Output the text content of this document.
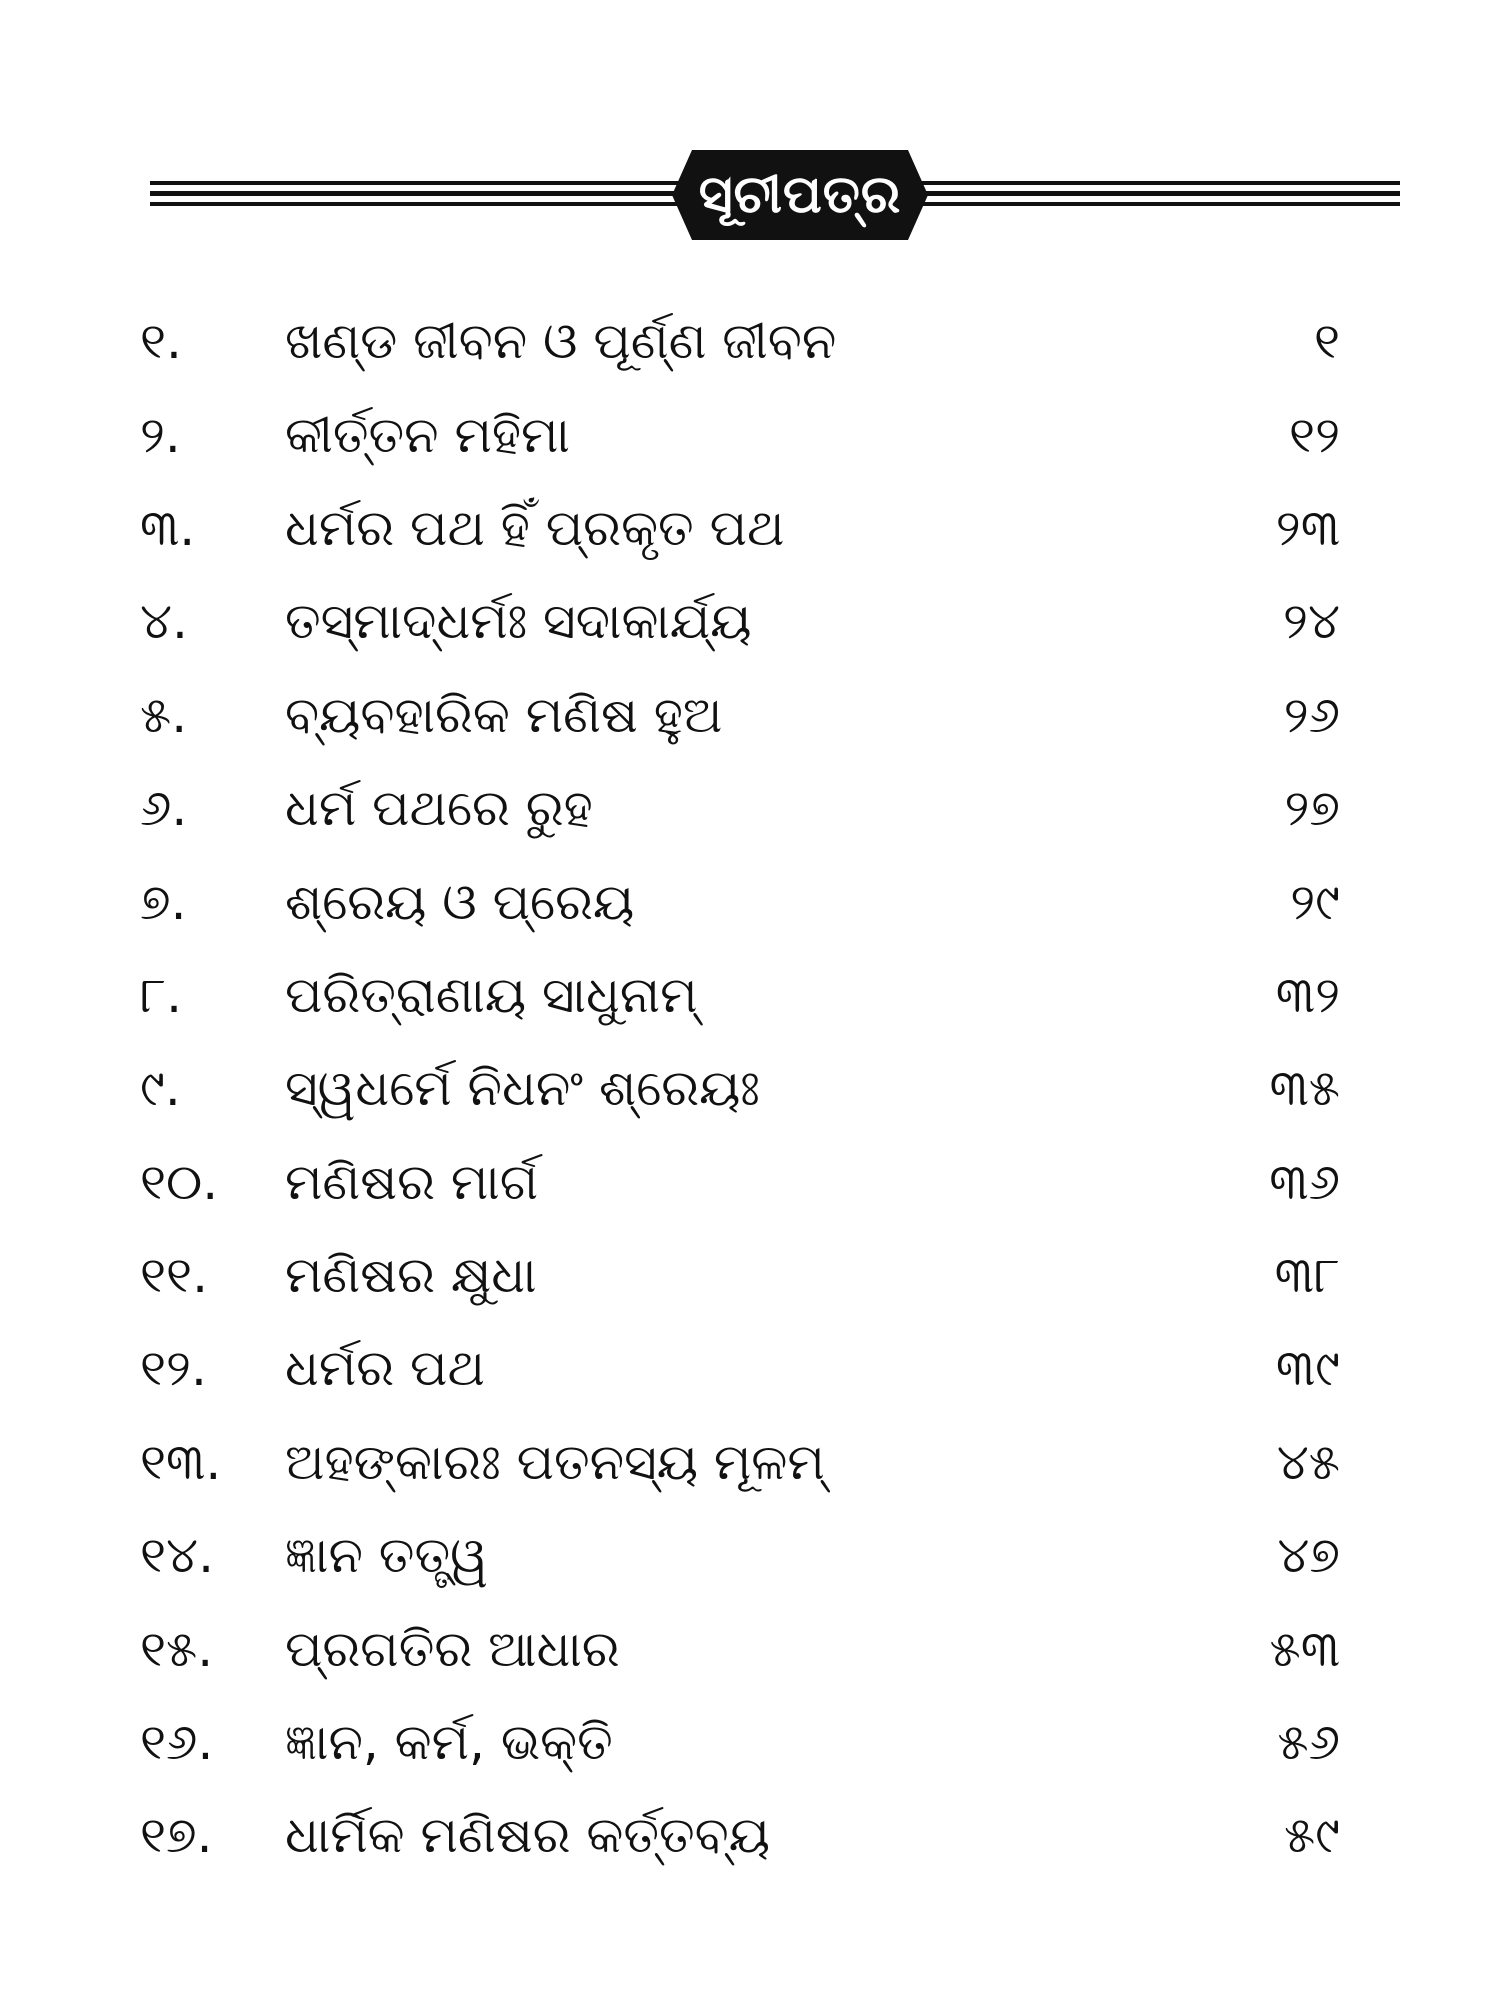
ସୂଚୀପତ୍ର
୧.	ଖଣ୍ଡ ଜୀବନ ଓ ପୂର୍ଣ୍ଣ ଜୀବନ	୧
୨.	କୀର୍ତ୍ତନ ମହିମା	୧୨
୩.	ଧର୍ମର ପଥ ହିଁ ପ୍ରକୃତ ପଥ	୨୩
୪.	ତସ୍ମାଦ୍ଧର୍ମଃ ସଦାକାର୍ଯ୍ୟ	୨୪
୫.	ବ୍ୟବହାରିକ ମଣିଷ ହୁଅ	୨୬
୬.	ଧର୍ମ ପଥରେ ରୁହ	୨୭
୭.	ଶ୍ରେୟ ଓ ପ୍ରେୟ	୨୯
୮.	ପରିତ୍ରାଣାୟ ସାଧୁନାମ୍	୩୨
୯.	ସ୍ୱଧର୍ମେ ନିଧନଂ ଶ୍ରେୟଃ	୩୫
୧୦.	ମଣିଷର ମାର୍ଗ	୩୬
୧୧.	ମଣିଷର କ୍ଷୁଧା	୩୮
୧୨.	ଧର୍ମର ପଥ	୩୯
୧୩.	ଅହଙ୍କାରଃ ପତନସ୍ୟ ମୂଳମ୍	୪୫
୧୪.	ଜ୍ଞାନ ତତ୍ତ୍ୱ	୪୭
୧୫.	ପ୍ରଗତିର ଆଧାର	୫୩
୧୬.	ଜ୍ଞାନ, କର୍ମ, ଭକ୍ତି	୫୬
୧୭.	ଧାର୍ମିକ ମଣିଷର କର୍ତ୍ତବ୍ୟ	୫୯
